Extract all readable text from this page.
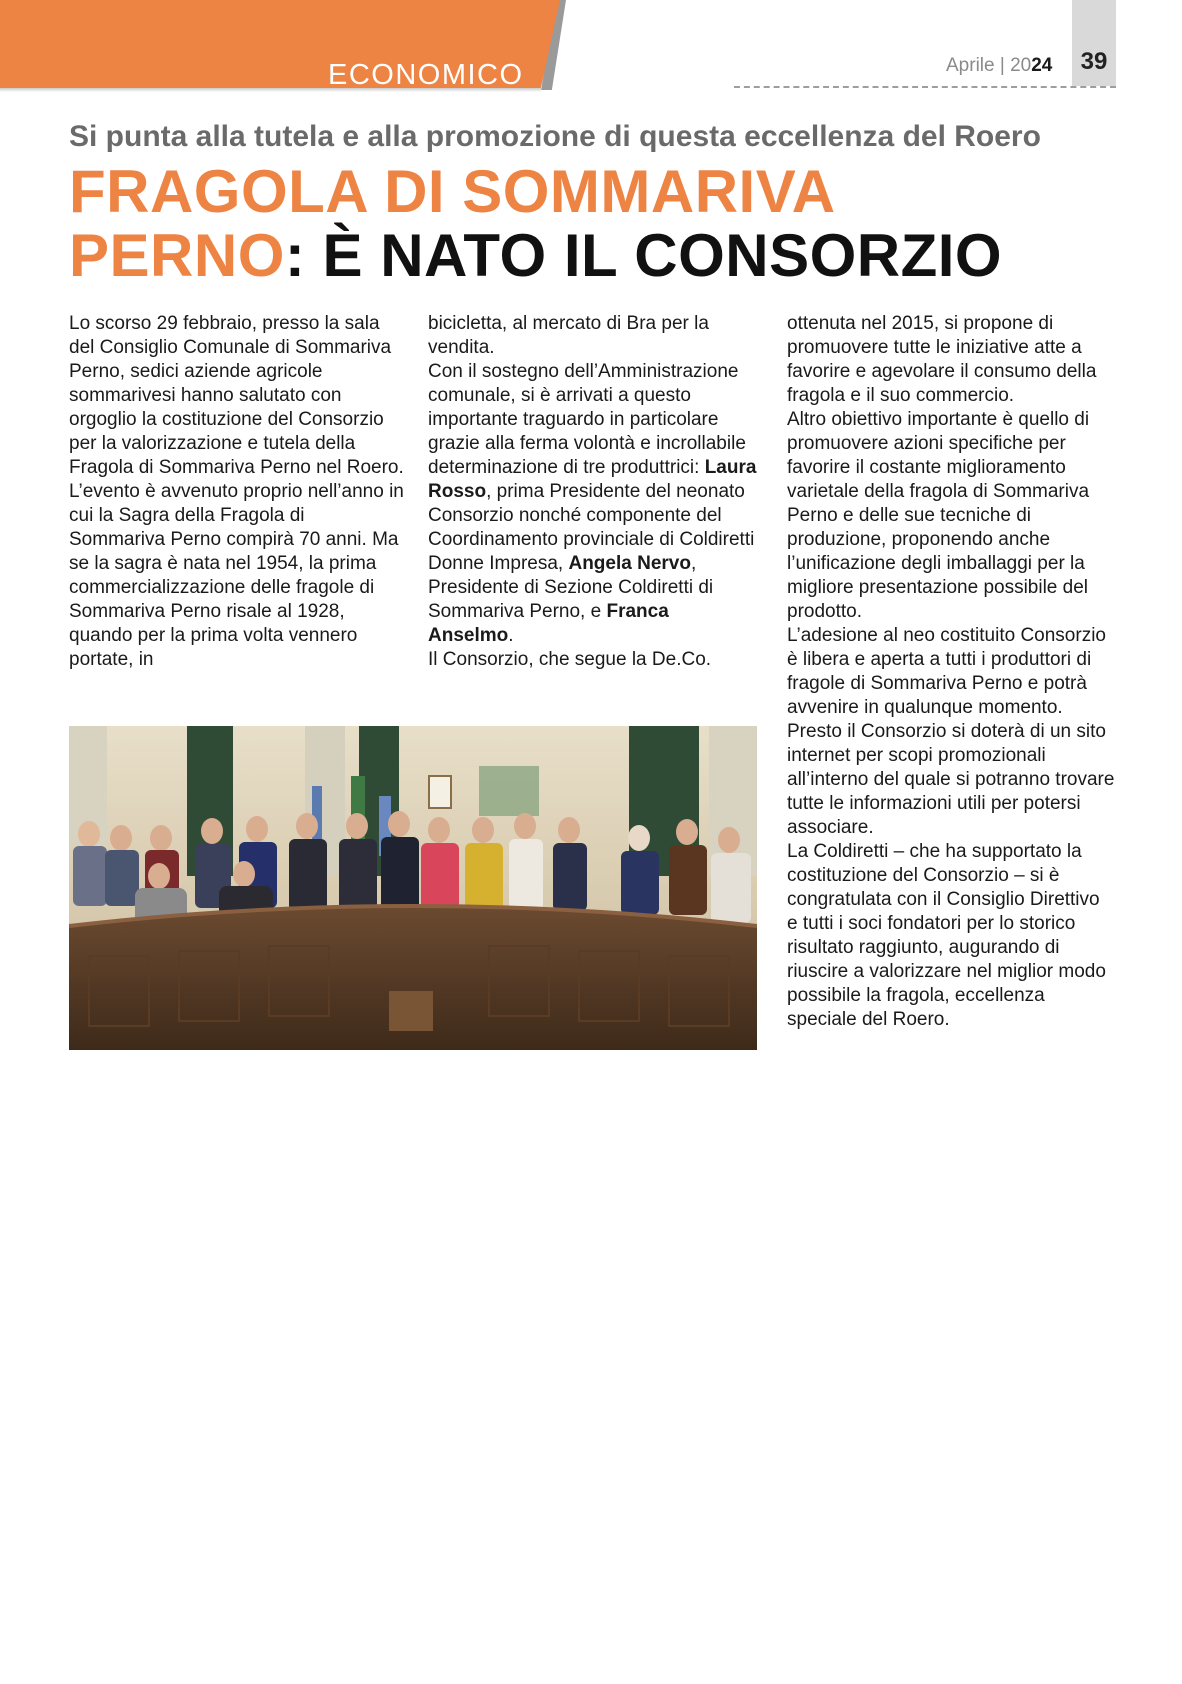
ECONOMICO	Aprile | 2024	39
Si punta alla tutela e alla promozione di questa eccellenza del Roero
FRAGOLA DI SOMMARIVA
PERNO: È NATO IL CONSORZIO

Lo scorso 29 febbraio, presso la sala del Consiglio Comunale di Sommariva Perno, sedici aziende agricole sommarivesi hanno salutato con orgoglio la costituzione del Consorzio per la valorizzazione e tutela della Fragola di Sommariva Perno nel Roero.

L’evento è avvenuto proprio nell’anno in cui la Sagra della Fragola di Sommariva Perno compirà 70 anni. Ma se la sagra è nata nel 1954, la prima commercializzazione delle fragole di Sommariva Perno risale al 1928, quando per la prima volta vennero portate, in

bicicletta, al mercato di Bra per la vendita.

Con il sostegno dell’Amministrazione comunale, si è arrivati a questo importante traguardo in particolare grazie alla ferma volontà e incrollabile determinazione di tre produttrici: Laura Rosso, prima Presidente del neonato Consorzio nonché componente del Coordinamento provinciale di Coldiretti Donne Impresa, Angela Nervo, Presidente di Sezione Coldiretti di Sommariva Perno, e Franca Anselmo.

Il Consorzio, che segue la De.Co.

ottenuta nel 2015, si propone di promuovere tutte le iniziative atte a favorire e agevolare il consumo della fragola e il suo commercio.

Altro obiettivo importante è quello di promuovere azioni specifiche per favorire il costante miglioramento varietale della fragola di Sommariva Perno e delle sue tecniche di produzione, proponendo anche l’unificazione degli imballaggi per la migliore presentazione possibile del prodotto.

L’adesione al neo costituito Consorzio è libera e aperta a tutti i produttori di fragole di Sommariva Perno e potrà avvenire in qualunque momento. Presto il Consorzio si doterà di un sito internet per scopi promozionali all’interno del quale si potranno trovare tutte le informazioni utili per potersi associare.

La Coldiretti – che ha supportato la costituzione del Consorzio – si è congratulata con il Consiglio Direttivo e tutti i soci fondatori per lo storico risultato raggiunto, augurando di riuscire a valorizzare nel miglior modo possibile la fragola, eccellenza speciale del Roero.
